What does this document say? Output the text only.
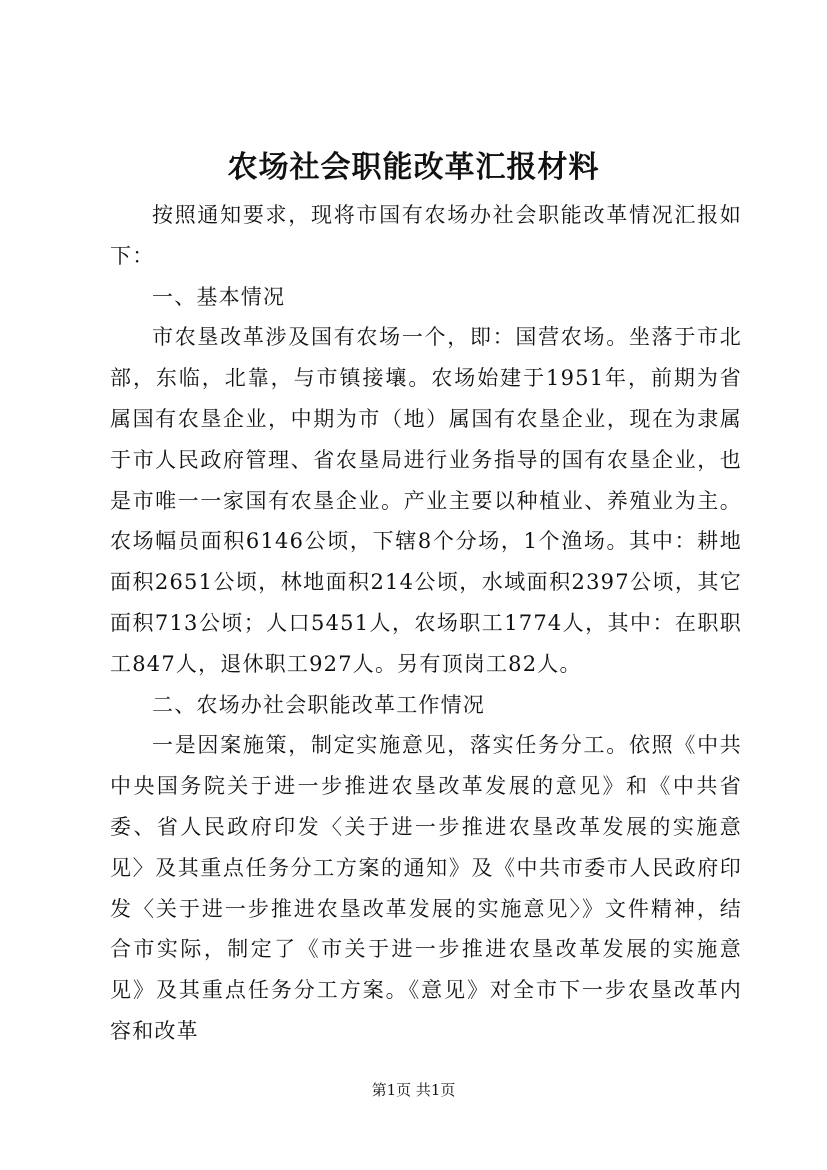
农场社会职能改革汇报材料

按照通知要求，现将市国有农场办社会职能改革情况汇报如下：

一、基本情况

市农垦改革涉及国有农场一个，即：国营农场。坐落于市北部，东临，北靠，与市镇接壤。农场始建于1951年，前期为省属国有农垦企业，中期为市（地）属国有农垦企业，现在为隶属于市人民政府管理、省农垦局进行业务指导的国有农垦企业，也是市唯一一家国有农垦企业。产业主要以种植业、养殖业为主。农场幅员面积6146公顷，下辖8个分场，1个渔场。其中：耕地面积2651公顷，林地面积214公顷，水域面积2397公顷，其它面积713公顷；人口5451人，农场职工1774人，其中：在职职工847人，退休职工927人。另有顶岗工82人。

二、农场办社会职能改革工作情况

一是因案施策，制定实施意见，落实任务分工。依照《中共中央国务院关于进一步推进农垦改革发展的意见》和《中共省委、省人民政府印发〈关于进一步推进农垦改革发展的实施意见〉及其重点任务分工方案的通知》及《中共市委市人民政府印发〈关于进一步推进农垦改革发展的实施意见〉》文件精神，结合市实际，制定了《市关于进一步推进农垦改革发展的实施意见》及其重点任务分工方案。《意见》对全市下一步农垦改革内容和改革

第1页 共1页
